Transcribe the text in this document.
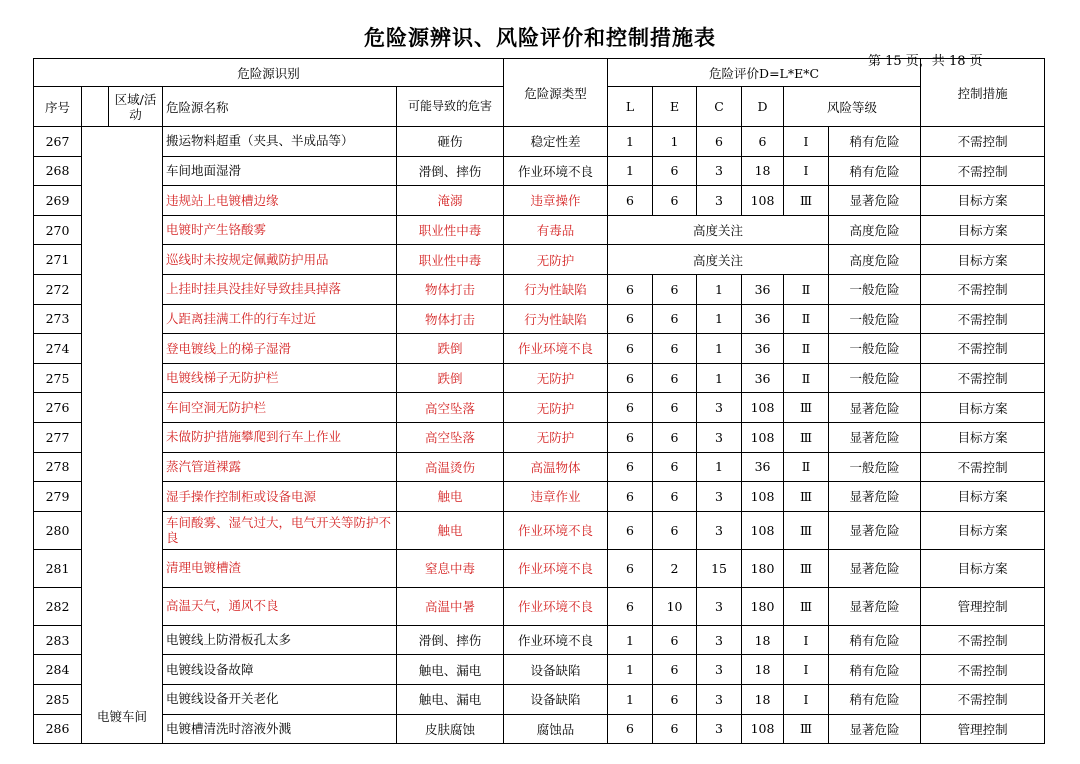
危险源辨识、风险评价和控制措施表
第 15 页，共 18 页
危险源识别					危险源类型	危险评价D=L*E*C						控制措施
序号		区域/活动	危险源名称	可能导致的危害		L	E	C	D	风险等级		
267	电镀车间		搬运物料超重（夹具、半成品等）	砸伤	稳定性差	1	1	6	6	Ⅰ	稍有危险	不需控制
268			车间地面湿滑	滑倒、摔伤	作业环境不良	1	6	3	18	Ⅰ	稍有危险	不需控制
269			违规站上电镀槽边缘	淹溺	违章操作	6	6	3	108	Ⅲ	显著危险	目标方案
270			电镀时产生铬酸雾	职业性中毒	有毒品	高度关注					高度危险	目标方案
271			巡线时未按规定佩戴防护用品	职业性中毒	无防护	高度关注					高度危险	目标方案
272			上挂时挂具没挂好导致挂具掉落	物体打击	行为性缺陷	6	6	1	36	Ⅱ	一般危险	不需控制
273			人距离挂满工件的行车过近	物体打击	行为性缺陷	6	6	1	36	Ⅱ	一般危险	不需控制
274			登电镀线上的梯子湿滑	跌倒	作业环境不良	6	6	1	36	Ⅱ	一般危险	不需控制
275			电镀线梯子无防护栏	跌倒	无防护	6	6	1	36	Ⅱ	一般危险	不需控制
276			车间空洞无防护栏	高空坠落	无防护	6	6	3	108	Ⅲ	显著危险	目标方案
277			未做防护措施攀爬到行车上作业	高空坠落	无防护	6	6	3	108	Ⅲ	显著危险	目标方案
278			蒸汽管道裸露	高温烫伤	高温物体	6	6	1	36	Ⅱ	一般危险	不需控制
279			湿手操作控制柜或设备电源	触电	违章作业	6	6	3	108	Ⅲ	显著危险	目标方案
280			车间酸雾、湿气过大，电气开关等防护不良	触电	作业环境不良	6	6	3	108	Ⅲ	显著危险	目标方案
281			清理电镀槽渣	窒息中毒	作业环境不良	6	2	15	180	Ⅲ	显著危险	目标方案
282			高温天气，通风不良	高温中暑	作业环境不良	6	10	3	180	Ⅲ	显著危险	管理控制
283			电镀线上防滑板孔太多	滑倒、摔伤	作业环境不良	1	6	3	18	Ⅰ	稍有危险	不需控制
284			电镀线设备故障	触电、漏电	设备缺陷	1	6	3	18	Ⅰ	稍有危险	不需控制
285			电镀线设备开关老化	触电、漏电	设备缺陷	1	6	3	18	Ⅰ	稍有危险	不需控制
286			电镀槽清洗时溶液外溅	皮肤腐蚀	腐蚀品	6	6	3	108	Ⅲ	显著危险	管理控制
